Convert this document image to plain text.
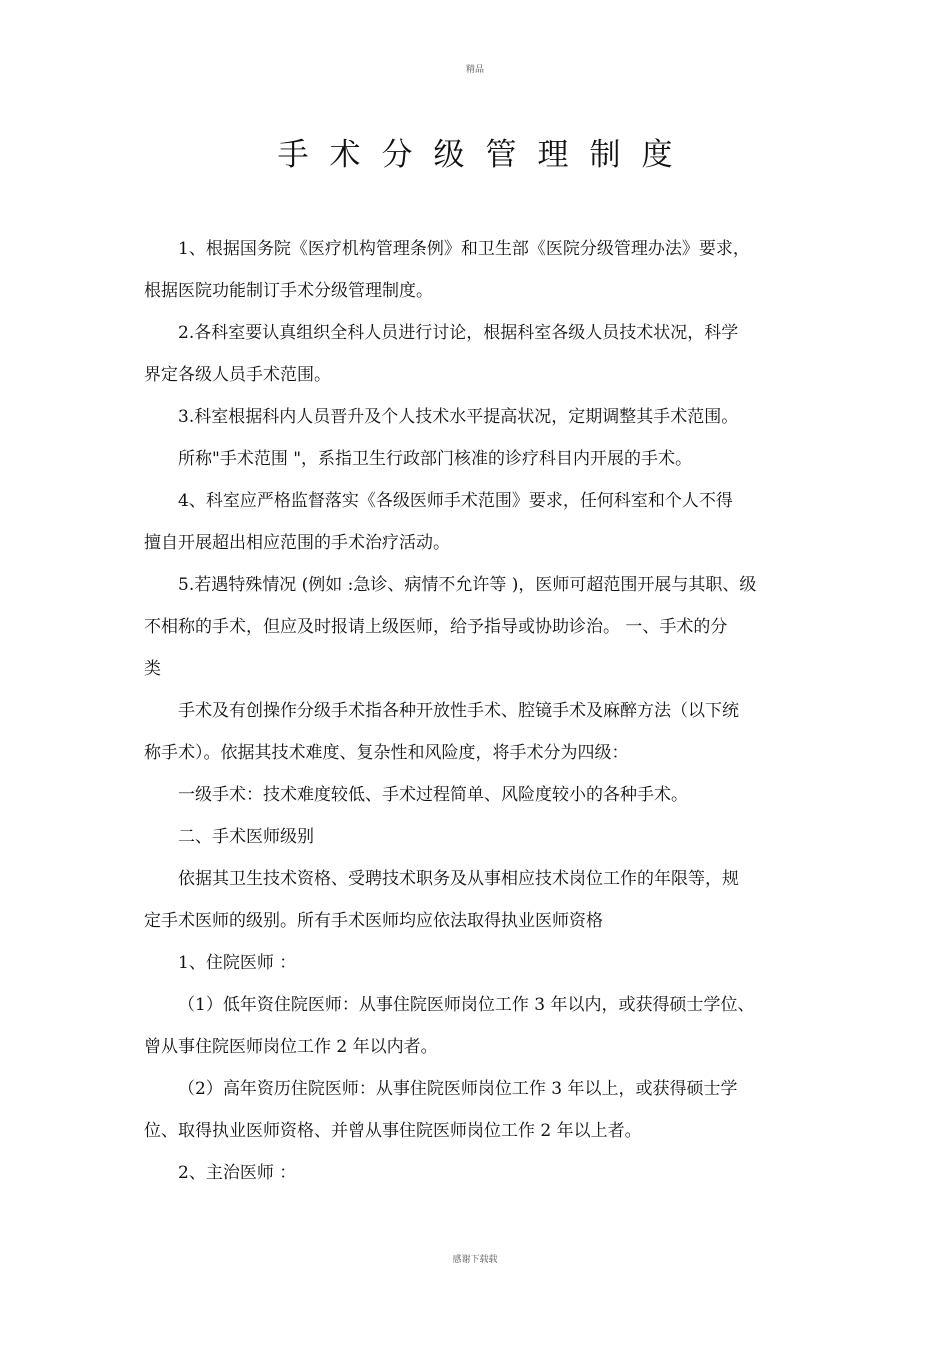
精品
手术分级管理制度
1、根据国务院《医疗机构管理条例》和卫生部《医院分级管理办法》要求，
根据医院功能制订手术分级管理制度。
2.各科室要认真组织全科人员进行讨论，根据科室各级人员技术状况，科学
界定各级人员手术范围。
3.科室根据科内人员晋升及个人技术水平提高状况，定期调整其手术范围。
所称"手术范围 "，系指卫生行政部门核准的诊疗科目内开展的手术。
4、科室应严格监督落实《各级医师手术范围》要求，任何科室和个人不得
擅自开展超出相应范围的手术治疗活动。
5.若遇特殊情况 (例如 :急诊、病情不允许等 )，医师可超范围开展与其职、级
不相称的手术，但应及时报请上级医师，给予指导或协助诊治。 一、手术的分
类
手术及有创操作分级手术指各种开放性手术、腔镜手术及麻醉方法（以下统
称手术）。依据其技术难度、复杂性和风险度，将手术分为四级：
一级手术：技术难度较低、手术过程简单、风险度较小的各种手术。
二、手术医师级别
依据其卫生技术资格、受聘技术职务及从事相应技术岗位工作的年限等，规
定手术医师的级别。所有手术医师均应依法取得执业医师资格
1、住院医师 ：
（1）低年资住院医师：从事住院医师岗位工作 3 年以内，或获得硕士学位、
曾从事住院医师岗位工作 2 年以内者。
（2）高年资历住院医师：从事住院医师岗位工作 3 年以上，或获得硕士学
位、取得执业医师资格、并曾从事住院医师岗位工作 2 年以上者。
2、主治医师 ：
感谢下载载
